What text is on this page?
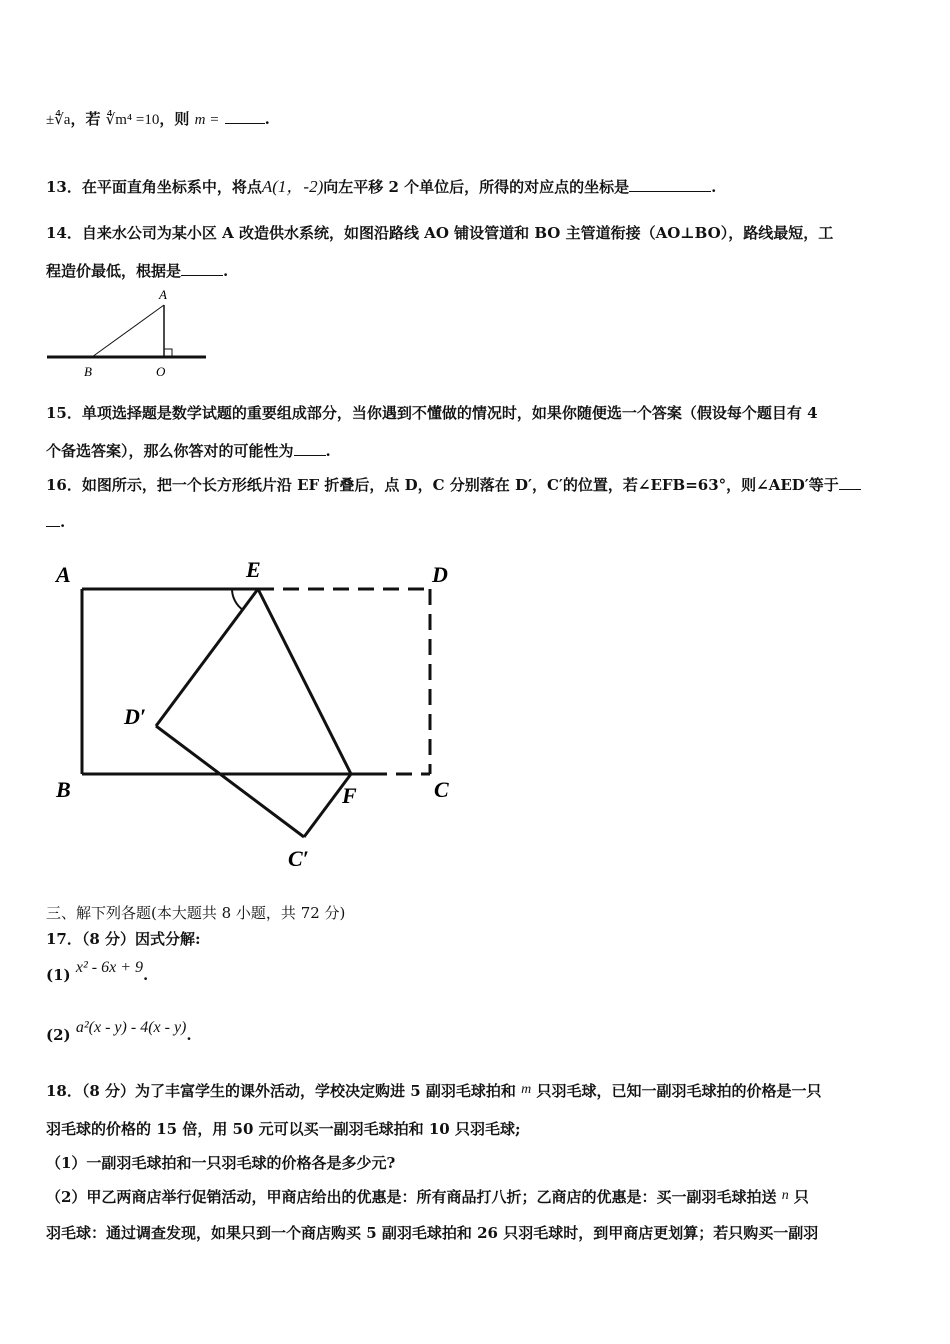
±∜a，若 ∜m⁴ =10，则 m =	.
13．在平面直角坐标系中，将点A(1，-2)向左平移 2 个单位后，所得的对应点的坐标是	.
14．自来水公司为某小区 A 改造供水系统，如图沿路线 AO 铺设管道和 BO 主管道衔接（AO⊥BO），路线最短，工
程造价最低，根据是	.
A
B	O
15．单项选择题是数学试题的重要组成部分，当你遇到不懂做的情况时，如果你随便选一个答案（假设每个题目有 4
个备选答案），那么你答对的可能性为 .
16．如图所示，把一个长方形纸片沿 EF 折叠后，点 D，C 分别落在 D′，C′的位置，若∠EFB=63°，则∠AED′等于
.
A	E	D
D′
B	F	C
C′
三、解下列各题(本大题共 8 小题，共 72 分)
17．（8 分）因式分解:
(1) x² - 6x + 9.
(2) a²(x - y) - 4(x - y).
18．（8 分）为了丰富学生的课外活动，学校决定购进 5 副羽毛球拍和 m 只羽毛球，已知一副羽毛球拍的价格是一只
羽毛球的价格的 15 倍，用 50 元可以买一副羽毛球拍和 10 只羽毛球;
（1）一副羽毛球拍和一只羽毛球的价格各是多少元?
（2）甲乙两商店举行促销活动，甲商店给出的优惠是：所有商品打八折；乙商店的优惠是：买一副羽毛球拍送 n 只
羽毛球：通过调查发现，如果只到一个商店购买 5 副羽毛球拍和 26 只羽毛球时，到甲商店更划算；若只购买一副羽
